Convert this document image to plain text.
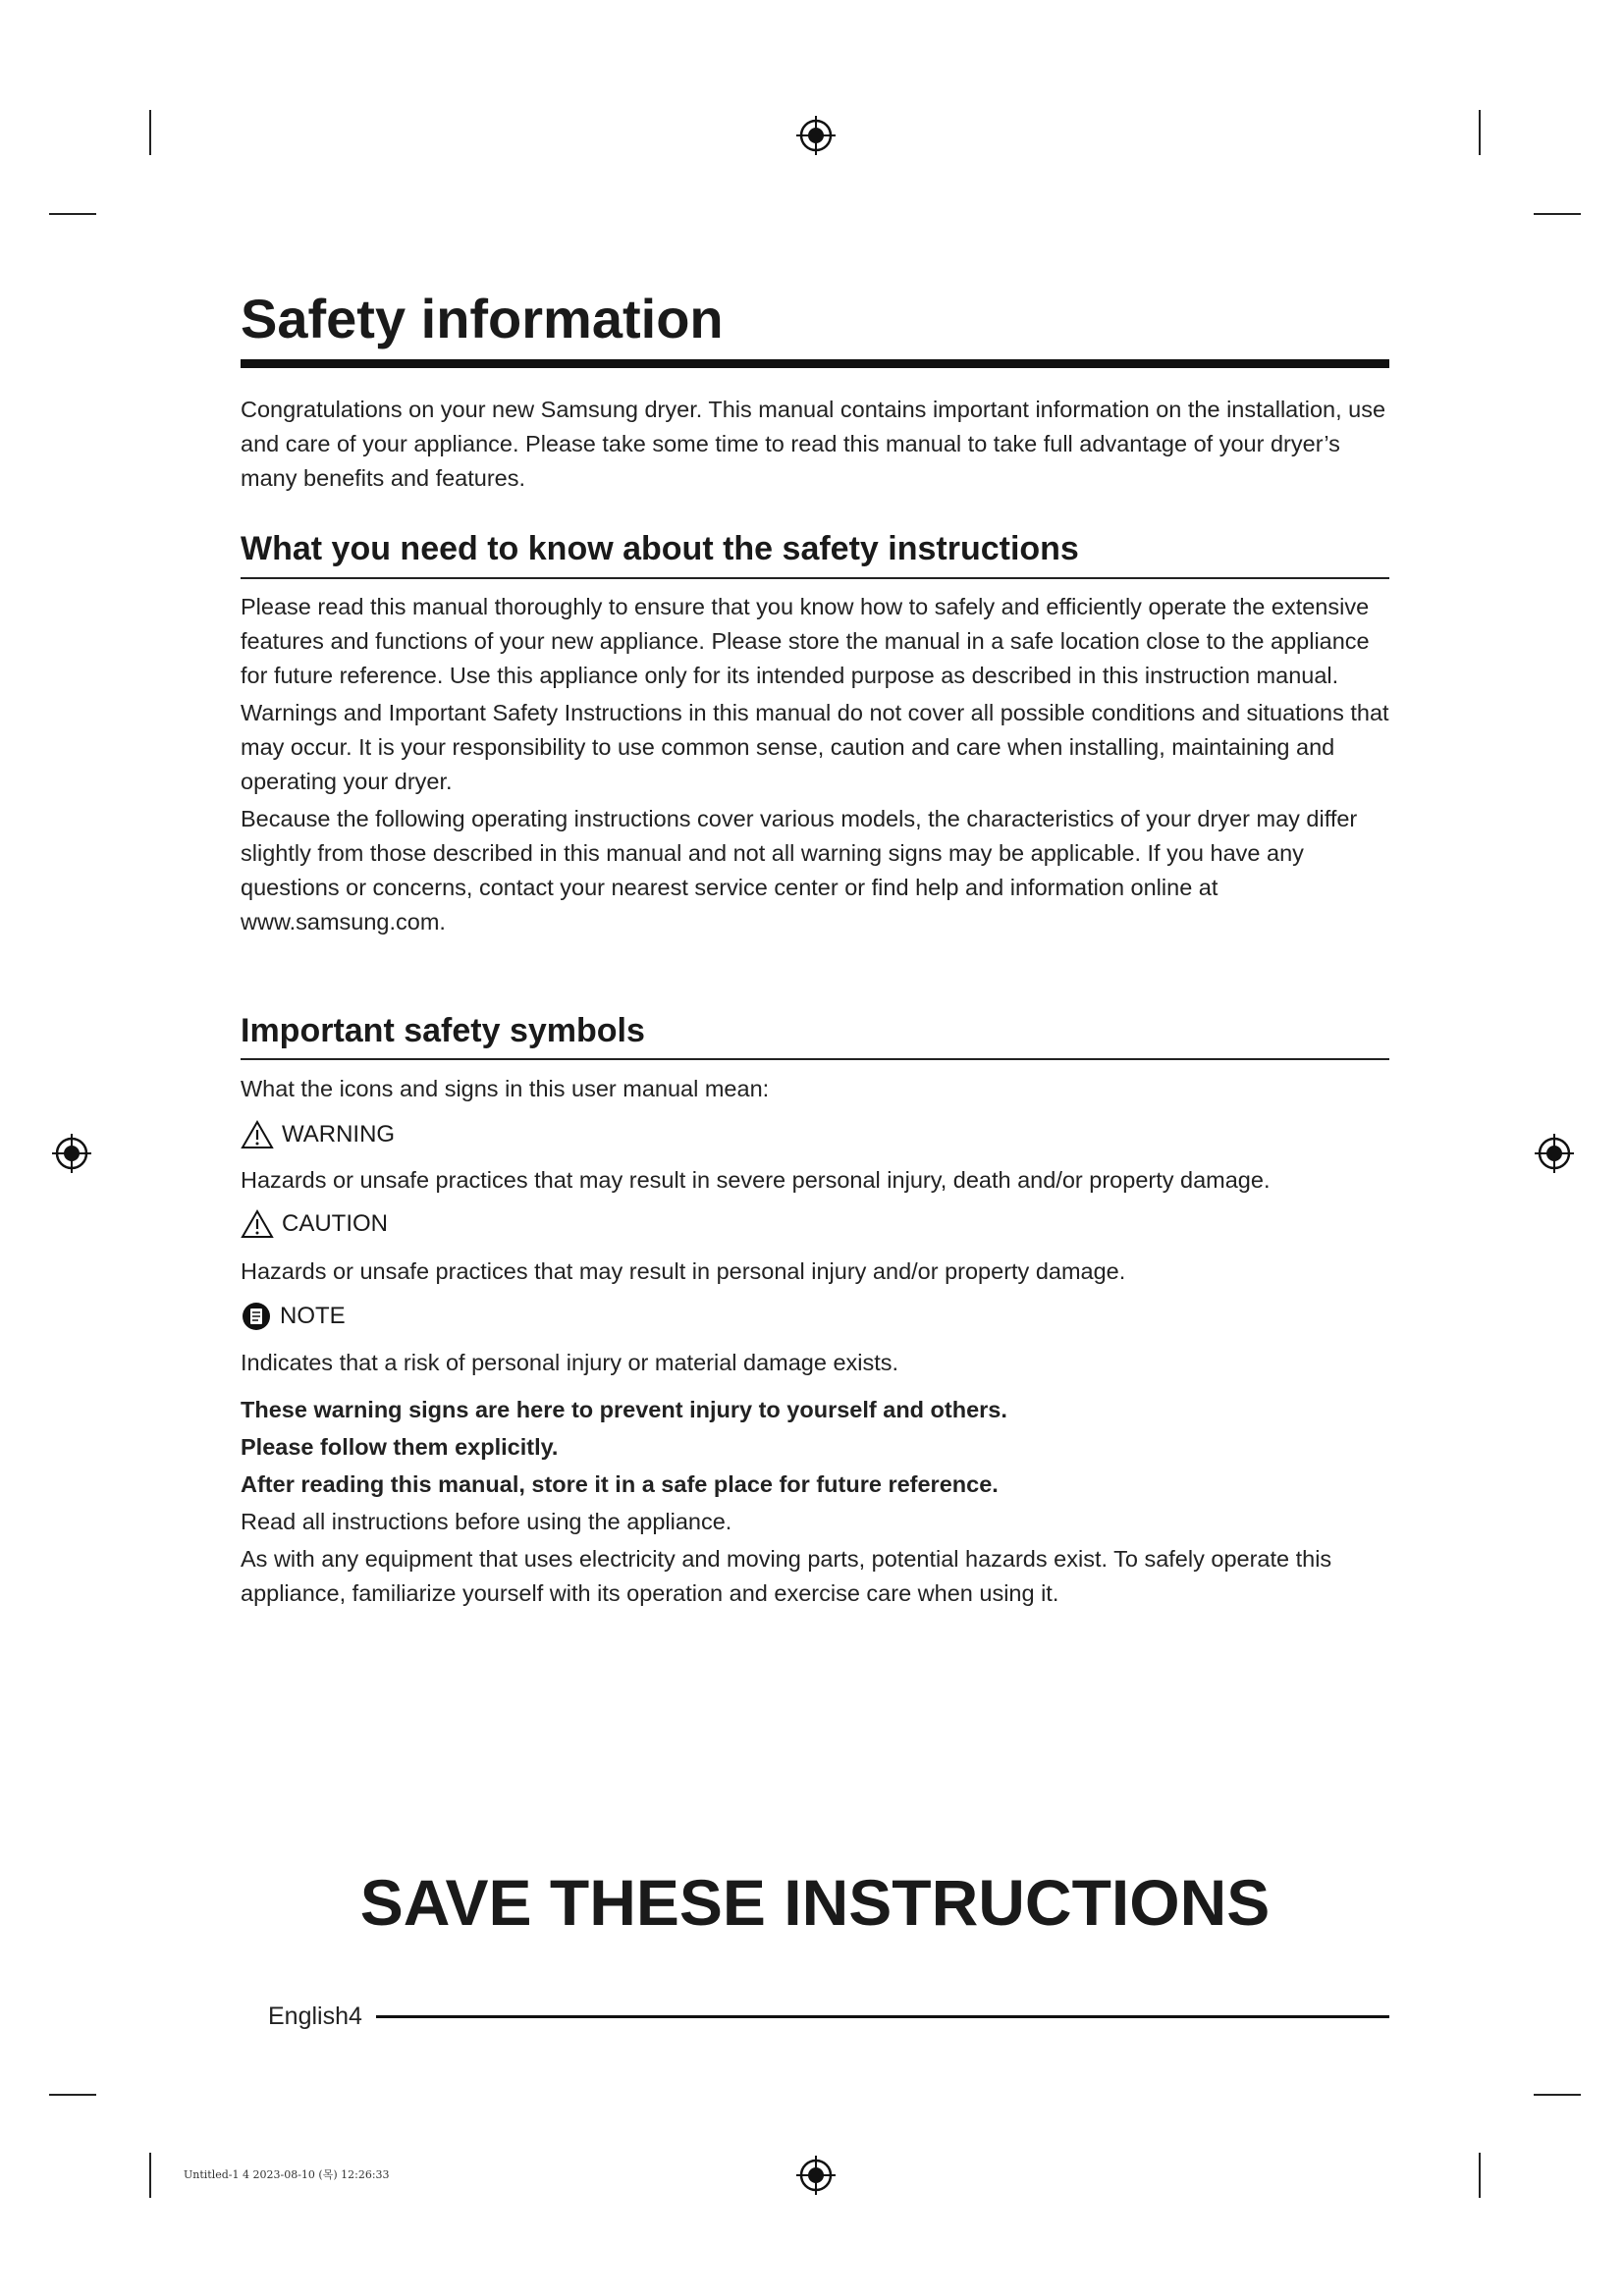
Safety information
Congratulations on your new Samsung dryer. This manual contains important information on the installation, use and care of your appliance. Please take some time to read this manual to take full advantage of your dryer’s many benefits and features.
What you need to know about the safety instructions

Please read this manual thoroughly to ensure that you know how to safely and efficiently operate the extensive features and functions of your new appliance. Please store the manual in a safe location close to the appliance for future reference. Use this appliance only for its intended purpose as described in this instruction manual.

Warnings and Important Safety Instructions in this manual do not cover all possible conditions and situations that may occur. It is your responsibility to use common sense, caution and care when installing, maintaining and operating your dryer.

Because the following operating instructions cover various models, the characteristics of your dryer may differ slightly from those described in this manual and not all warning signs may be applicable. If you have any questions or concerns, contact your nearest service center or find help and information online at www.samsung.com.

Important safety symbols
What the icons and signs in this user manual mean:
WARNING
Hazards or unsafe practices that may result in severe personal injury, death and/or property damage.
CAUTION
Hazards or unsafe practices that may result in personal injury and/or property damage.
NOTE
Indicates that a risk of personal injury or material damage exists.

These warning signs are here to prevent injury to yourself and others.

Please follow them explicitly.

After reading this manual, store it in a safe place for future reference.

Read all instructions before using the appliance.

As with any equipment that uses electricity and moving parts, potential hazards exist. To safely operate this appliance, familiarize yourself with its operation and exercise care when using it.

SAVE THESE INSTRUCTIONS
English4
Untitled-1 4 2023-08-10 (목) 12:26:33
